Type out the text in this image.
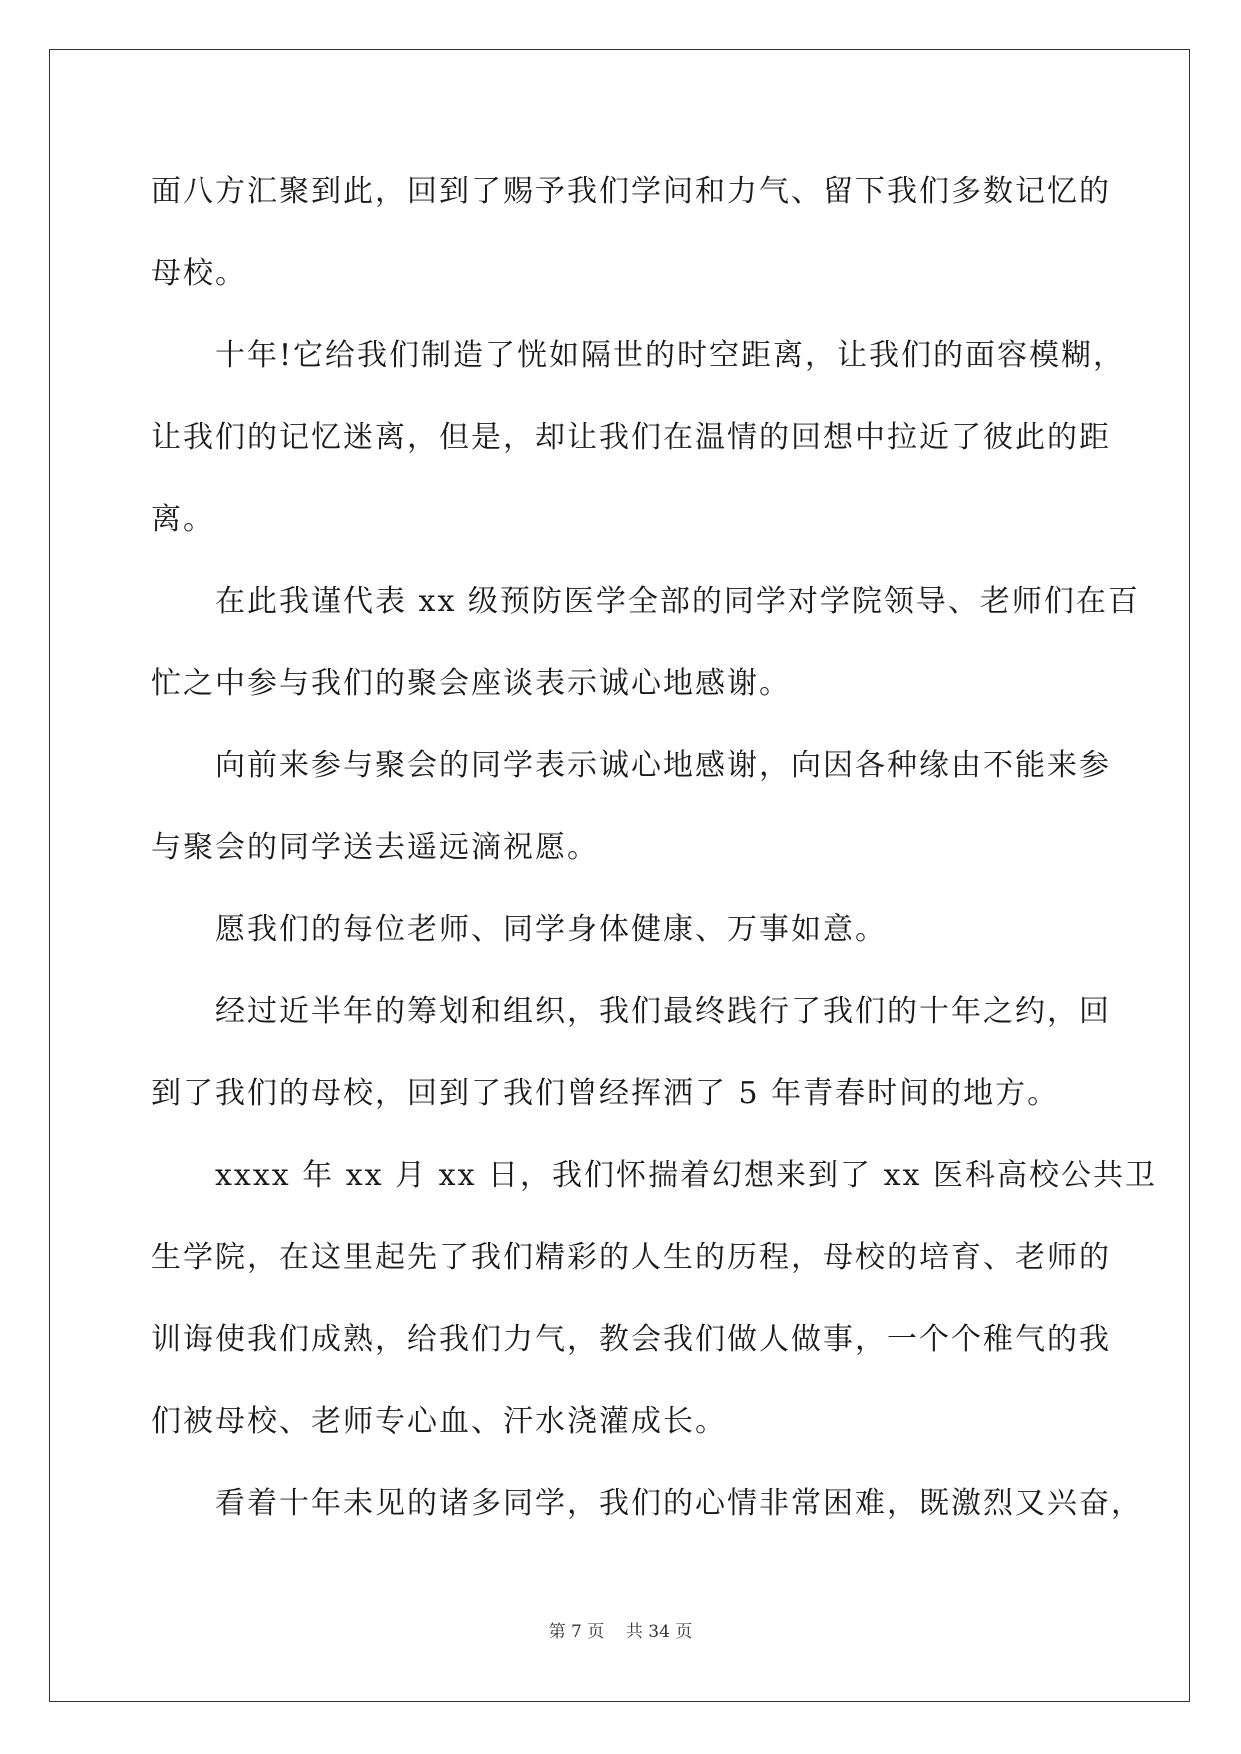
面八方汇聚到此，回到了赐予我们学问和力气、留下我们多数记忆的
母校。
十年!它给我们制造了恍如隔世的时空距离，让我们的面容模糊，
让我们的记忆迷离，但是，却让我们在温情的回想中拉近了彼此的距
离。
在此我谨代表 xx 级预防医学全部的同学对学院领导、老师们在百
忙之中参与我们的聚会座谈表示诚心地感谢。
向前来参与聚会的同学表示诚心地感谢，向因各种缘由不能来参
与聚会的同学送去遥远滴祝愿。
愿我们的每位老师、同学身体健康、万事如意。
经过近半年的筹划和组织，我们最终践行了我们的十年之约，回
到了我们的母校，回到了我们曾经挥洒了 5 年青春时间的地方。
xxxx 年 xx 月 xx 日，我们怀揣着幻想来到了 xx 医科高校公共卫
生学院，在这里起先了我们精彩的人生的历程，母校的培育、老师的
训诲使我们成熟，给我们力气，教会我们做人做事，一个个稚气的我
们被母校、老师专心血、汗水浇灌成长。
看着十年未见的诸多同学，我们的心情非常困难，既激烈又兴奋，
第 7 页 共 34 页
